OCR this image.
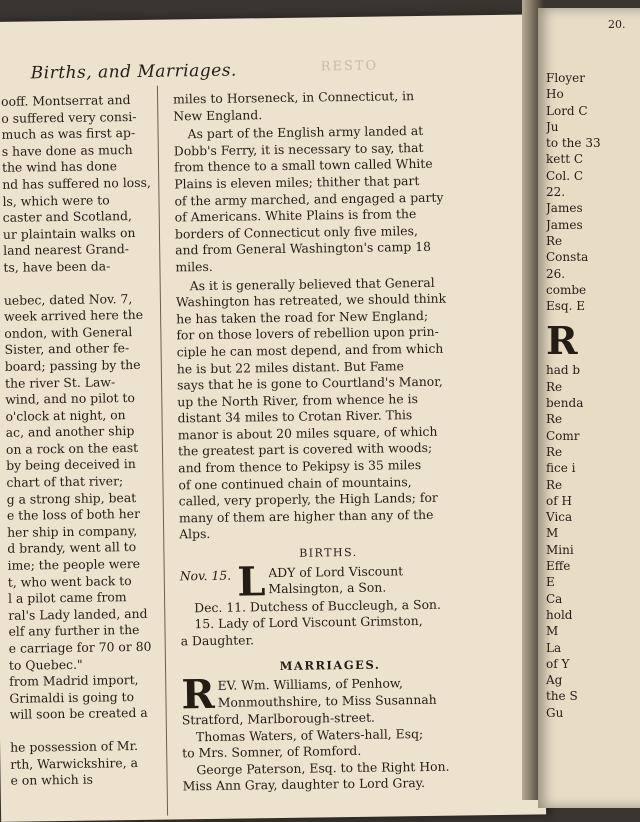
Births, and Marriages.	RESTO
ooff. Montserrat and
o suffered very consi-
much as was first ap-
s have done as much
the wind has done
nd has suffered no loss,
ls, which were to
caster and Scotland,
ur plaintain walks on
land nearest Grand-
ts, have been da-
uebec, dated Nov. 7,
week arrived here the
ondon, with General
Sister, and other fe-
board; passing by the
the river St. Law-
wind, and no pilot to
o'clock at night, on
ac, and another ship
on a rock on the east
by being deceived in
chart of that river;
g a strong ship, beat
e the loss of both her
her ship in company,
d brandy, went all to
ime; the people were
t, who went back to
l a pilot came from
ral's Lady landed, and
elf any further in the
e carriage for 70 or 80
to Quebec."
from Madrid import,
Grimaldi is going to
will soon be created a
he possession of Mr.
rth, Warwickshire, a
e on which is
miles to Horseneck, in Connecticut, in
New England.
As part of the English army landed at
Dobb's Ferry, it is necessary to say, that
from thence to a small town called White
Plains is eleven miles; thither that part
of the army marched, and engaged a party
of Americans. White Plains is from the
borders of Connecticut only five miles,
and from General Washington's camp 18
miles.
As it is generally believed that General
Washington has retreated, we should think
he has taken the road for New England;
for on those lovers of rebellion upon prin-
ciple he can most depend, and from which
he is but 22 miles distant. But Fame
says that he is gone to Courtland's Manor,
up the North River, from whence he is
distant 34 miles to Crotan River. This
manor is about 20 miles square, of which
the greatest part is covered with woods;
and from thence to Pekipsy is 35 miles
of one continued chain of mountains,
called, very properly, the High Lands; for
many of them are higher than any of the
Alps.
BIRTHS.
Nov. 15. L ADY of Lord Viscount
Malsington, a Son.
Dec. 11. Dutchess of Buccleugh, a Son.
15. Lady of Lord Viscount Grimston,
a Daughter.
MARRIAGES.
R EV. Wm. Williams, of Penhow,
Monmouthshire, to Miss Susannah
Stratford, Marlborough-street.
Thomas Waters, of Waters-hall, Esq;
to Mrs. Somner, of Romford.
George Paterson, Esq. to the Right Hon.
Miss Ann Gray, daughter to Lord Gray.
20.
Floyer
Ho
Lord C
Ju
to the 33
kett C
Col. C
22.
James
James
Re
Consta
26.
combe
Esq. E
R
had b
Re
benda
Re
Comr
Re
fice i
Re
of H
Vica
M
Mini
Effe
E
Ca
hold
M
La
of Y
Ag
the S
Gu
